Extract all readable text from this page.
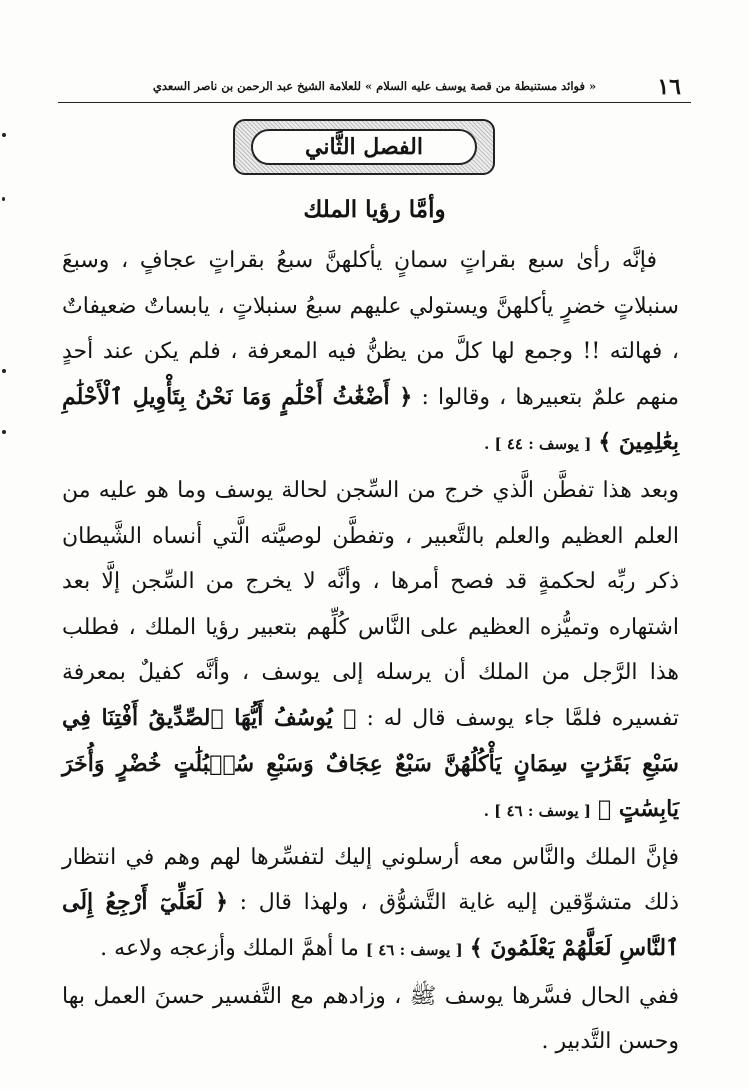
١٦
« فوائد مستنبطة من قصة يوسف عليه السلام » للعلامة الشيخ عبد الرحمن بن ناصر السعدي
الفصل الثَّاني
وأمَّا رؤيا الملك

فإنَّه رأىٰ سبع بقراتٍ سمانٍ يأكلهنَّ سبعُ بقراتٍ عجافٍ ، وسبعَ سنبلاتٍ خضرٍ يأكلهنَّ ويستولي عليهم سبعُ سنبلاتٍ ، يابساتٌ ضعيفاتٌ ، فهالته !! وجمع لها كلَّ من يظنُّ فيه المعرفة ، فلم يكن عند أحدٍ منهم علمٌ بتعبيرها ، وقالوا : ﴿ أَضْغَٰثُ أَحْلَٰمٍ وَمَا نَحْنُ بِتَأْوِيلِ ٱلْأَحْلَٰمِ بِعَٰلِمِينَ ﴾ [ يوسف : ٤٤ ] .

وبعد هذا تفطَّن الَّذي خرج من السِّجن لحالة يوسف وما هو عليه من العلم العظيم والعلم بالتَّعبير ، وتفطَّن لوصيَّته الَّتي أنساه الشَّيطان ذكر ربِّه لحكمةٍ قد فصح أمرها ، وأنَّه لا يخرج من السِّجن إلَّا بعد اشتهاره وتميُّزه العظيم على النَّاس كُلِّهم بتعبير رؤيا الملك ، فطلب هذا الرَّجل من الملك أن يرسله إلى يوسف ، وأنَّه كفيلٌ بمعرفة تفسيره فلمَّا جاء يوسف قال له : ﴿ يُوسُفُ أَيُّهَا ٱلصِّدِّيقُ أَفْتِنَا فِي سَبْعِ بَقَرَٰتٍ سِمَانٍ يَأْكُلُهُنَّ سَبْعٌ عِجَافٌ وَسَبْعِ سُنۢبُلَٰتٍ خُضْرٍ وَأُخَرَ يَابِسَٰتٍ ﴾ [ يوسف : ٤٦ ] .

فإنَّ الملك والنَّاس معه أرسلوني إليك لتفسِّرها لهم وهم في انتظار ذلك متشوِّقين إليه غاية التَّشوُّق ، ولهذا قال : ﴿ لَعَلِّيٓ أَرْجِعُ إِلَى ٱلنَّاسِ لَعَلَّهُمْ يَعْلَمُونَ ﴾ [ يوسف : ٤٦ ] ما أهمَّ الملك وأزعجه ولاعه .

ففي الحال فسَّرها يوسف ﷺ ، وزادهم مع التَّفسير حسنَ العمل بها وحسن التَّدبير .
